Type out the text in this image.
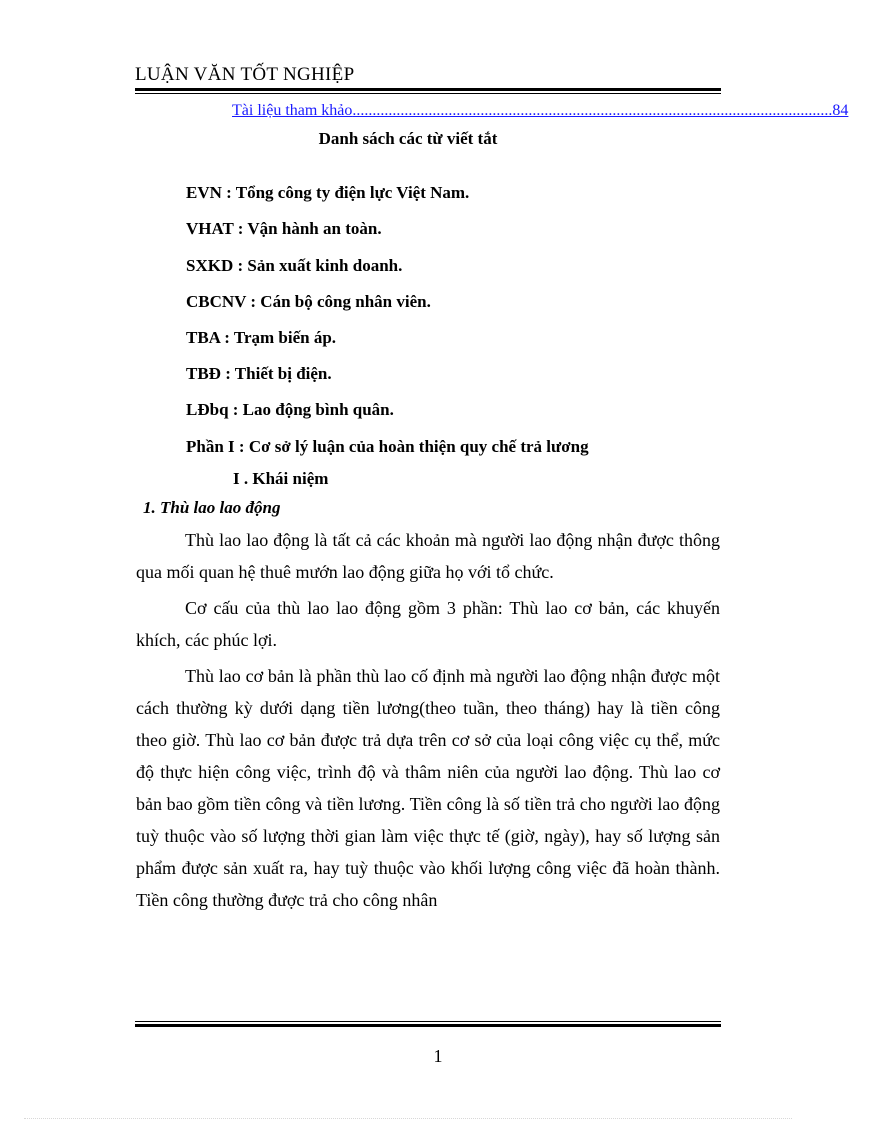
LUẬN VĂN TỐT NGHIỆP
Tài liệu tham khảo ........................................................................................................................ 84
Danh sách các từ viết tắt
EVN : Tổng công ty điện lực Việt Nam.
VHAT : Vận hành an toàn.
SXKD : Sản xuất kinh doanh.
CBCNV : Cán bộ công nhân viên.
TBA : Trạm biến áp.
TBĐ : Thiết bị điện.
LĐbq : Lao động bình quân.
Phần I : Cơ sở lý luận của hoàn thiện quy chế trả lương
I . Khái niệm
1. Thù lao lao động
Thù lao lao động là tất cả các khoản mà người lao động nhận được thông qua mối quan hệ thuê mướn lao động giữa họ với tổ chức.
Cơ cấu của thù lao lao động gồm 3 phần: Thù lao cơ bản, các khuyến khích, các phúc lợi.
Thù lao cơ bản là phần thù lao cố định mà người lao động nhận được một cách thường kỳ dưới dạng tiền lương(theo tuần, theo tháng) hay là tiền công theo giờ. Thù lao cơ bản được trả dựa trên cơ sở của loại công việc cụ thể, mức độ thực hiện công việc, trình độ và thâm niên của người lao động. Thù lao cơ bản bao gồm tiền công và tiền lương. Tiền công là số tiền trả cho người lao động tuỳ thuộc vào số lượng thời gian làm việc thực tế (giờ, ngày), hay số lượng sản phẩm được sản xuất ra, hay tuỳ thuộc vào khối lượng công việc đã hoàn thành. Tiền công thường được trả cho công nhân
1
